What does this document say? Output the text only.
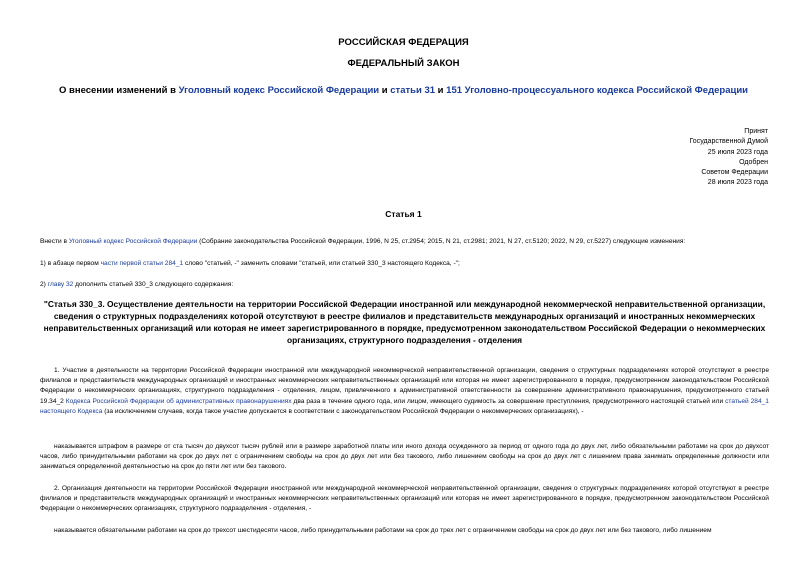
РОССИЙСКАЯ ФЕДЕРАЦИЯ
ФЕДЕРАЛЬНЫЙ ЗАКОН
О внесении изменений в Уголовный кодекс Российской Федерации и статьи 31 и 151 Уголовно-процессуального кодекса Российской Федерации
Принят
Государственной Думой
25 июля 2023 года
Одобрен
Советом Федерации
28 июля 2023 года
Статья 1

Внести в Уголовный кодекс Российской Федерации (Собрание законодательства Российской Федерации, 1996, N 25, ст.2954; 2015, N 21, ст.2981; 2021, N 27, ст.5120; 2022, N 29, ст.5227) следующие изменения:

1) в абзаце первом части первой статьи 284_1 слово "статьей, -" заменить словами "статьей, или статьей 330_3 настоящего Кодекса, -";

2) главу 32 дополнить статьей 330_3 следующего содержания:

"Статья 330_3. Осуществление деятельности на территории Российской Федерации иностранной или международной некоммерческой неправительственной организации, сведения о структурных подразделениях которой отсутствуют в реестре филиалов и представительств международных организаций и иностранных некоммерческих неправительственных организаций или которая не имеет зарегистрированного в порядке, предусмотренном законодательством Российской Федерации о некоммерческих организациях, структурного подразделения - отделения

1. Участие в деятельности на территории Российской Федерации иностранной или международной некоммерческой неправительственной организации, сведения о структурных подразделениях которой отсутствуют в реестре филиалов и представительств международных организаций и иностранных некоммерческих неправительственных организаций или которая не имеет зарегистрированного в порядке, предусмотренном законодательством Российской Федерации о некоммерческих организациях, структурного подразделения - отделения, лицом, привлеченного к административной ответственности за совершение административного правонарушения, предусмотренного статьей 19.34_2 Кодекса Российской Федерации об административных правонарушениях два раза в течение одного года, или лицом, имеющего судимость за совершение преступления, предусмотренного настоящей статьей или статьей 284_1 настоящего Кодекса (за исключением случаев, когда такое участие допускается в соответствии с законодательством Российской Федерации о некоммерческих организациях), -

наказывается штрафом в размере от ста тысяч до двухсот тысяч рублей или в размере заработной платы или иного дохода осужденного за период от одного года до двух лет, либо обязательными работами на срок до двухсот часов, либо принудительными работами на срок до двух лет с ограничением свободы на срок до двух лет или без такового, либо лишением свободы на срок до двух лет с лишением права занимать определенные должности или заниматься определенной деятельностью на срок до пяти лет или без такового.

2. Организация деятельности на территории Российской Федерации иностранной или международной некоммерческой неправительственной организации, сведения о структурных подразделениях которой отсутствуют в реестре филиалов и представительств международных организаций и иностранных некоммерческих неправительственных организаций или которая не имеет зарегистрированного в порядке, предусмотренном законодательством Российской Федерации о некоммерческих организациях, структурного подразделения - отделения, -

наказывается обязательными работами на срок до трехсот шестидесяти часов, либо принудительными работами на срок до трех лет с ограничением свободы на срок до двух лет или без такового, либо лишением
